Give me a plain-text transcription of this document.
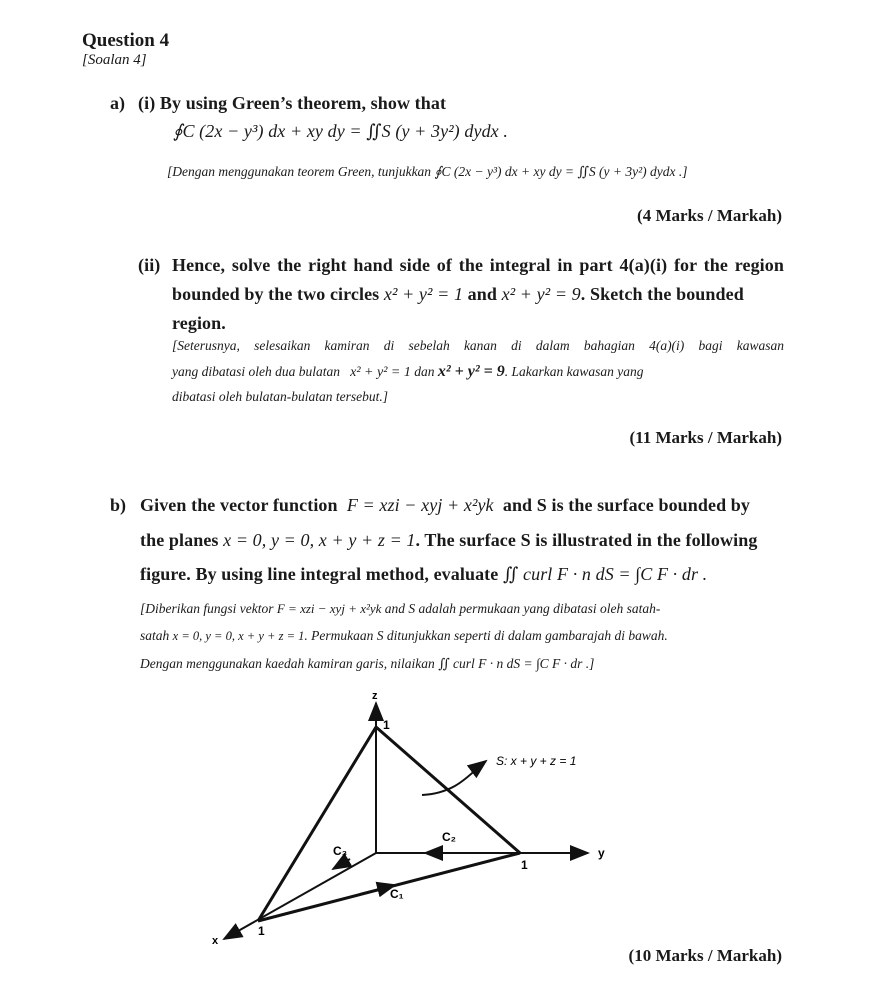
Question 4
[Soalan 4]
a) (i) By using Green’s theorem, show that
∮C (2x − y³) dx + xy dy = ∬S (y + 3y²) dydx .
[Dengan menggunakan teorem Green, tunjukkan ∮C (2x − y³) dx + xy dy = ∬S (y + 3y²) dydx .]
(4 Marks / Markah)
(ii) Hence, solve the right hand side of the integral in part 4(a)(i) for the region
bounded by the two circles x² + y² = 1 and x² + y² = 9. Sketch the bounded
region.
[Seterusnya, selesaikan kamiran di sebelah kanan di dalam bahagian 4(a)(i) bagi kawasan
yang dibatasi oleh dua bulatan x² + y² = 1 dan x² + y² = 9. Lakarkan kawasan yang
dibatasi oleh bulatan-bulatan tersebut.]
(11 Marks / Markah)
b) Given the vector function F = xzi − xyj + x²yk and S is the surface bounded by
the planes x = 0, y = 0, x + y + z = 1. The surface S is illustrated in the following
figure. By using line integral method, evaluate ∬ curl F · n dS = ∫C F · dr .
[Diberikan fungsi vektor F = xzi − xyj + x²yk and S adalah permukaan yang dibatasi oleh satah-
satah x = 0, y = 0, x + y + z = 1. Permukaan S ditunjukkan seperti di dalam gambarajah di bawah.
Dengan menggunakan kaedah kamiran garis, nilaikan ∬ curl F · n dS = ∫C F · dr .]
z
y
x
1
1
1
S: x + y + z = 1
C₂
C₃
C₁
(10 Marks / Markah)
